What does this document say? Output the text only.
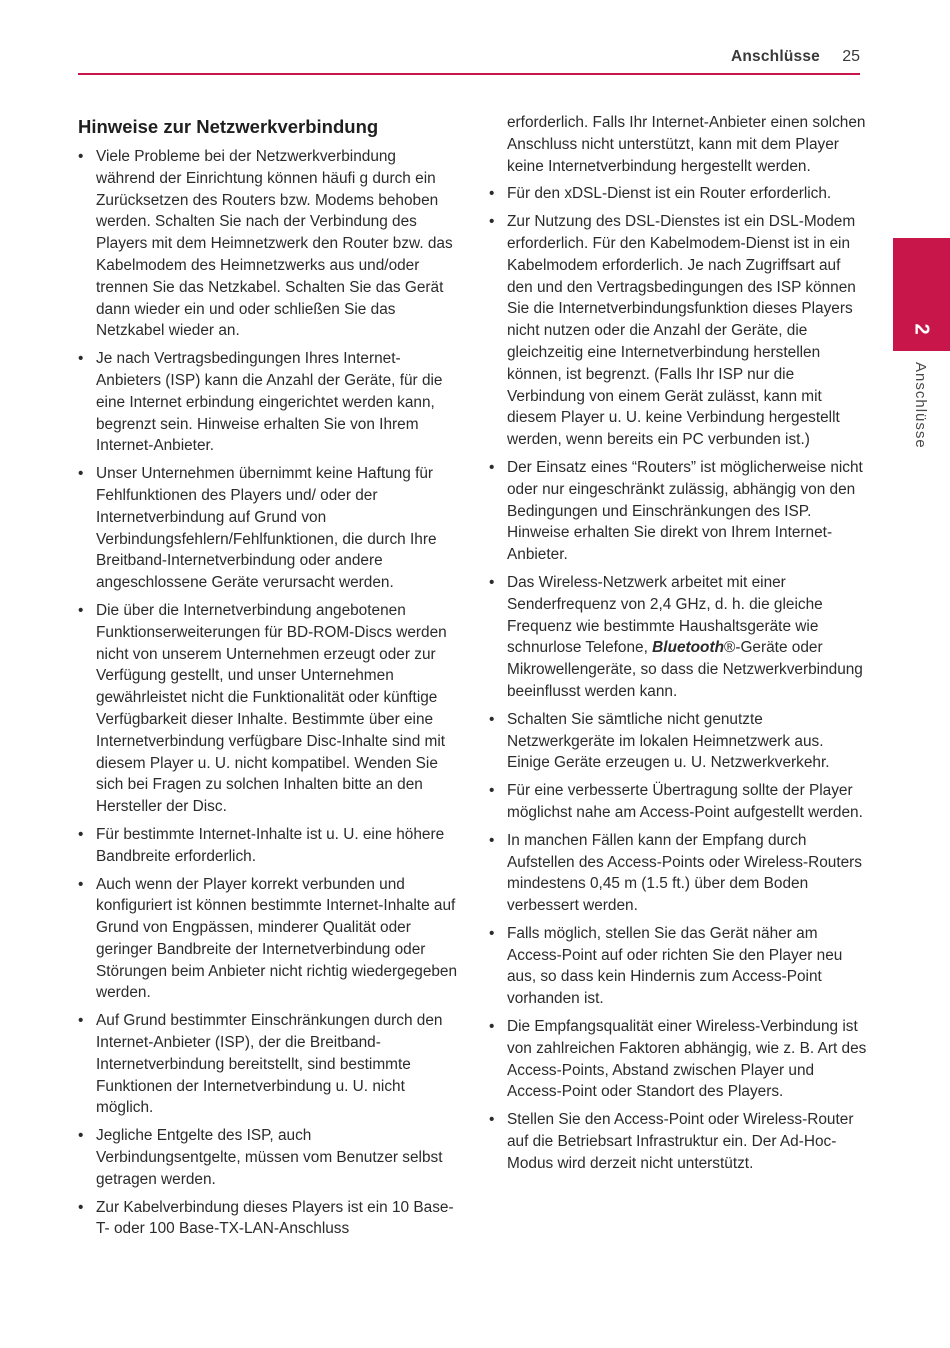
Anschlüsse 25
2
Anschlüsse
Hinweise zur Netzwerkverbindung
• Viele Probleme bei der Netzwerkverbindung während der Einrichtung können häufi g durch ein Zurücksetzen des Routers bzw. Modems behoben werden. Schalten Sie nach der Verbindung des Players mit dem Heimnetzwerk den Router bzw. das Kabelmodem des Heimnetzwerks aus und/oder trennen Sie das Netzkabel. Schalten Sie das Gerät dann wieder ein und oder schließen Sie das Netzkabel wieder an.
• Je nach Vertragsbedingungen Ihres Internet-Anbieters (ISP) kann die Anzahl der Geräte, für die eine Internet erbindung eingerichtet werden kann, begrenzt sein. Hinweise erhalten Sie von Ihrem Internet-Anbieter.
• Unser Unternehmen übernimmt keine Haftung für Fehlfunktionen des Players und/ oder der Internetverbindung auf Grund von Verbindungsfehlern/Fehlfunktionen, die durch Ihre Breitband-Internetverbindung oder andere angeschlossene Geräte verursacht werden.
• Die über die Internetverbindung angebotenen Funktionserweiterungen für BD-ROM-Discs werden nicht von unserem Unternehmen erzeugt oder zur Verfügung gestellt, und unser Unternehmen gewährleistet nicht die Funktionalität oder künftige Verfügbarkeit dieser Inhalte. Bestimmte über eine Internetverbindung verfügbare Disc-Inhalte sind mit diesem Player u. U. nicht kompatibel. Wenden Sie sich bei Fragen zu solchen Inhalten bitte an den Hersteller der Disc.
• Für bestimmte Internet-Inhalte ist u. U. eine höhere Bandbreite erforderlich.
• Auch wenn der Player korrekt verbunden und konfiguriert ist können bestimmte Internet-Inhalte auf Grund von Engpässen, minderer Qualität oder geringer Bandbreite der Internetverbindung oder Störungen beim Anbieter nicht richtig wiedergegeben werden.
• Auf Grund bestimmter Einschränkungen durch den Internet-Anbieter (ISP), der die Breitband-Internetverbindung bereitstellt, sind bestimmte Funktionen der Internetverbindung u. U. nicht möglich.
• Jegliche Entgelte des ISP, auch Verbindungsentgelte, müssen vom Benutzer selbst getragen werden.
• Zur Kabelverbindung dieses Players ist ein 10 Base-T- oder 100 Base-TX-LAN-Anschluss
erforderlich. Falls Ihr Internet-Anbieter einen solchen Anschluss nicht unterstützt, kann mit dem Player keine Internetverbindung hergestellt werden.
• Für den xDSL-Dienst ist ein Router erforderlich.
• Zur Nutzung des DSL-Dienstes ist ein DSL-Modem erforderlich. Für den Kabelmodem-Dienst ist in ein Kabelmodem erforderlich. Je nach Zugriffsart auf den und den Vertragsbedingungen des ISP können Sie die Internetverbindungsfunktion dieses Players nicht nutzen oder die Anzahl der Geräte, die gleichzeitig eine Internetverbindung herstellen können, ist begrenzt. (Falls Ihr ISP nur die Verbindung von einem Gerät zulässt, kann mit diesem Player u. U. keine Verbindung hergestellt werden, wenn bereits ein PC verbunden ist.)
• Der Einsatz eines “Routers” ist möglicherweise nicht oder nur eingeschränkt zulässig, abhängig von den Bedingungen und Einschränkungen des ISP. Hinweise erhalten Sie direkt von Ihrem Internet-Anbieter.
• Das Wireless-Netzwerk arbeitet mit einer Senderfrequenz von 2,4 GHz, d. h. die gleiche Frequenz wie bestimmte Haushaltsgeräte wie schnurlose Telefone, Bluetooth®-Geräte oder Mikrowellengeräte, so dass die Netzwerkverbindung beeinflusst werden kann.
• Schalten Sie sämtliche nicht genutzte Netzwerkgeräte im lokalen Heimnetzwerk aus. Einige Geräte erzeugen u. U. Netzwerkverkehr.
• Für eine verbesserte Übertragung sollte der Player möglichst nahe am Access-Point aufgestellt werden.
• In manchen Fällen kann der Empfang durch Aufstellen des Access-Points oder Wireless-Routers mindestens 0,45 m (1.5 ft.) über dem Boden verbessert werden.
• Falls möglich, stellen Sie das Gerät näher am Access-Point auf oder richten Sie den Player neu aus, so dass kein Hindernis zum Access-Point vorhanden ist.
• Die Empfangsqualität einer Wireless-Verbindung ist von zahlreichen Faktoren abhängig, wie z. B. Art des Access-Points, Abstand zwischen Player und Access-Point oder Standort des Players.
• Stellen Sie den Access-Point oder Wireless-Router auf die Betriebsart Infrastruktur ein. Der Ad-Hoc-Modus wird derzeit nicht unterstützt.
